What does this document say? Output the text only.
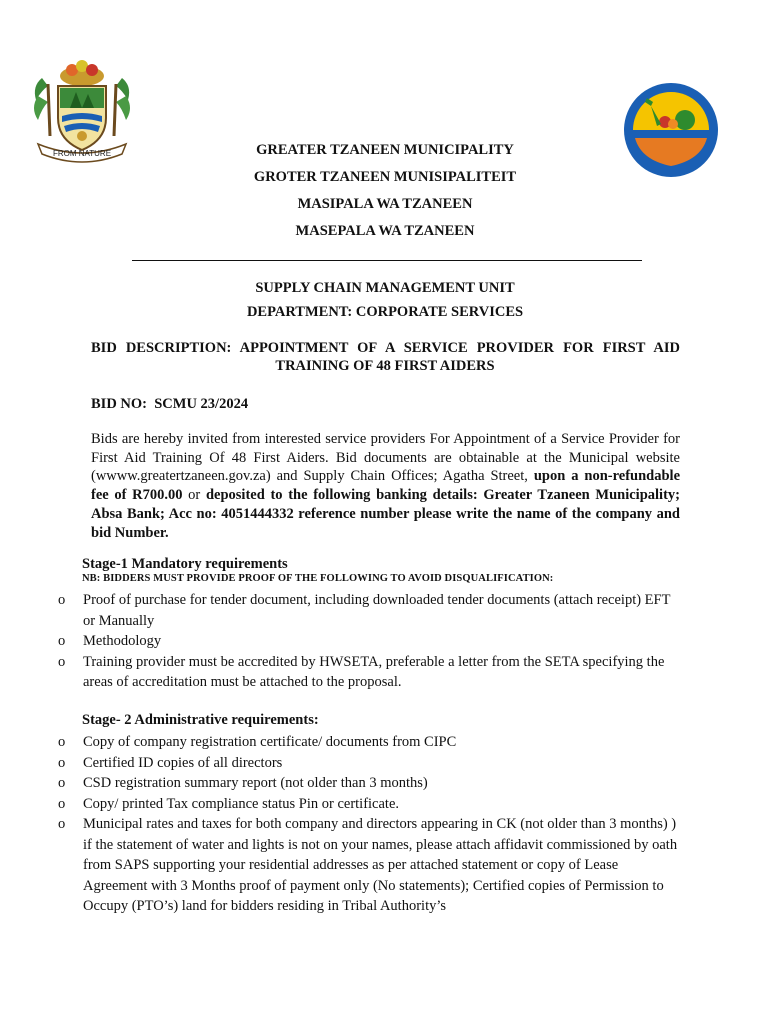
FROM NATURE	GREATER TZANEEN MUNICIPALITY
GROTER TZANEEN MUNISIPALITEIT
MASIPALA WA TZANEEN
MASEPALA WA TZANEEN
SUPPLY CHAIN MANAGEMENT UNIT
DEPARTMENT: CORPORATE SERVICES
BID DESCRIPTION: APPOINTMENT OF A SERVICE PROVIDER FOR FIRST AID
TRAINING OF 48 FIRST AIDERS
BID NO:  SCMU 23/2024

Bids are hereby invited from interested service providers For Appointment of a Service Provider for First Aid Training Of 48 First Aiders. Bid documents are obtainable at the Municipal website (wwww.greatertzaneen.gov.za) and Supply Chain Offices; Agatha Street, upon a non-refundable fee of R700.00 or deposited to the following banking details: Greater Tzaneen Municipality; Absa Bank; Acc no: 4051444332 reference number please write the name of the company and bid Number.

Stage-1 Mandatory requirements
NB: BIDDERS MUST PROVIDE PROOF OF THE FOLLOWING TO AVOID DISQUALIFICATION:
o Proof of purchase for tender document, including downloaded tender documents (attach receipt) EFT or Manually
o Methodology
o Training provider must be accredited by HWSETA, preferable a letter from the SETA specifying the areas of accreditation must be attached to the proposal.
Stage- 2 Administrative requirements:
o Copy of company registration certificate/ documents from CIPC
o Certified ID copies of all directors
o CSD registration summary report (not older than 3 months)
o Copy/ printed Tax compliance status Pin or certificate.
o Municipal rates and taxes for both company and directors appearing in CK (not older than 3 months) ) if the statement of water and lights is not on your names, please attach affidavit commissioned by oath from SAPS supporting your residential addresses as per attached statement or copy of Lease Agreement with 3 Months proof of payment only (No statements); Certified copies of Permission to Occupy (PTO’s) land for bidders residing in Tribal Authority’s
